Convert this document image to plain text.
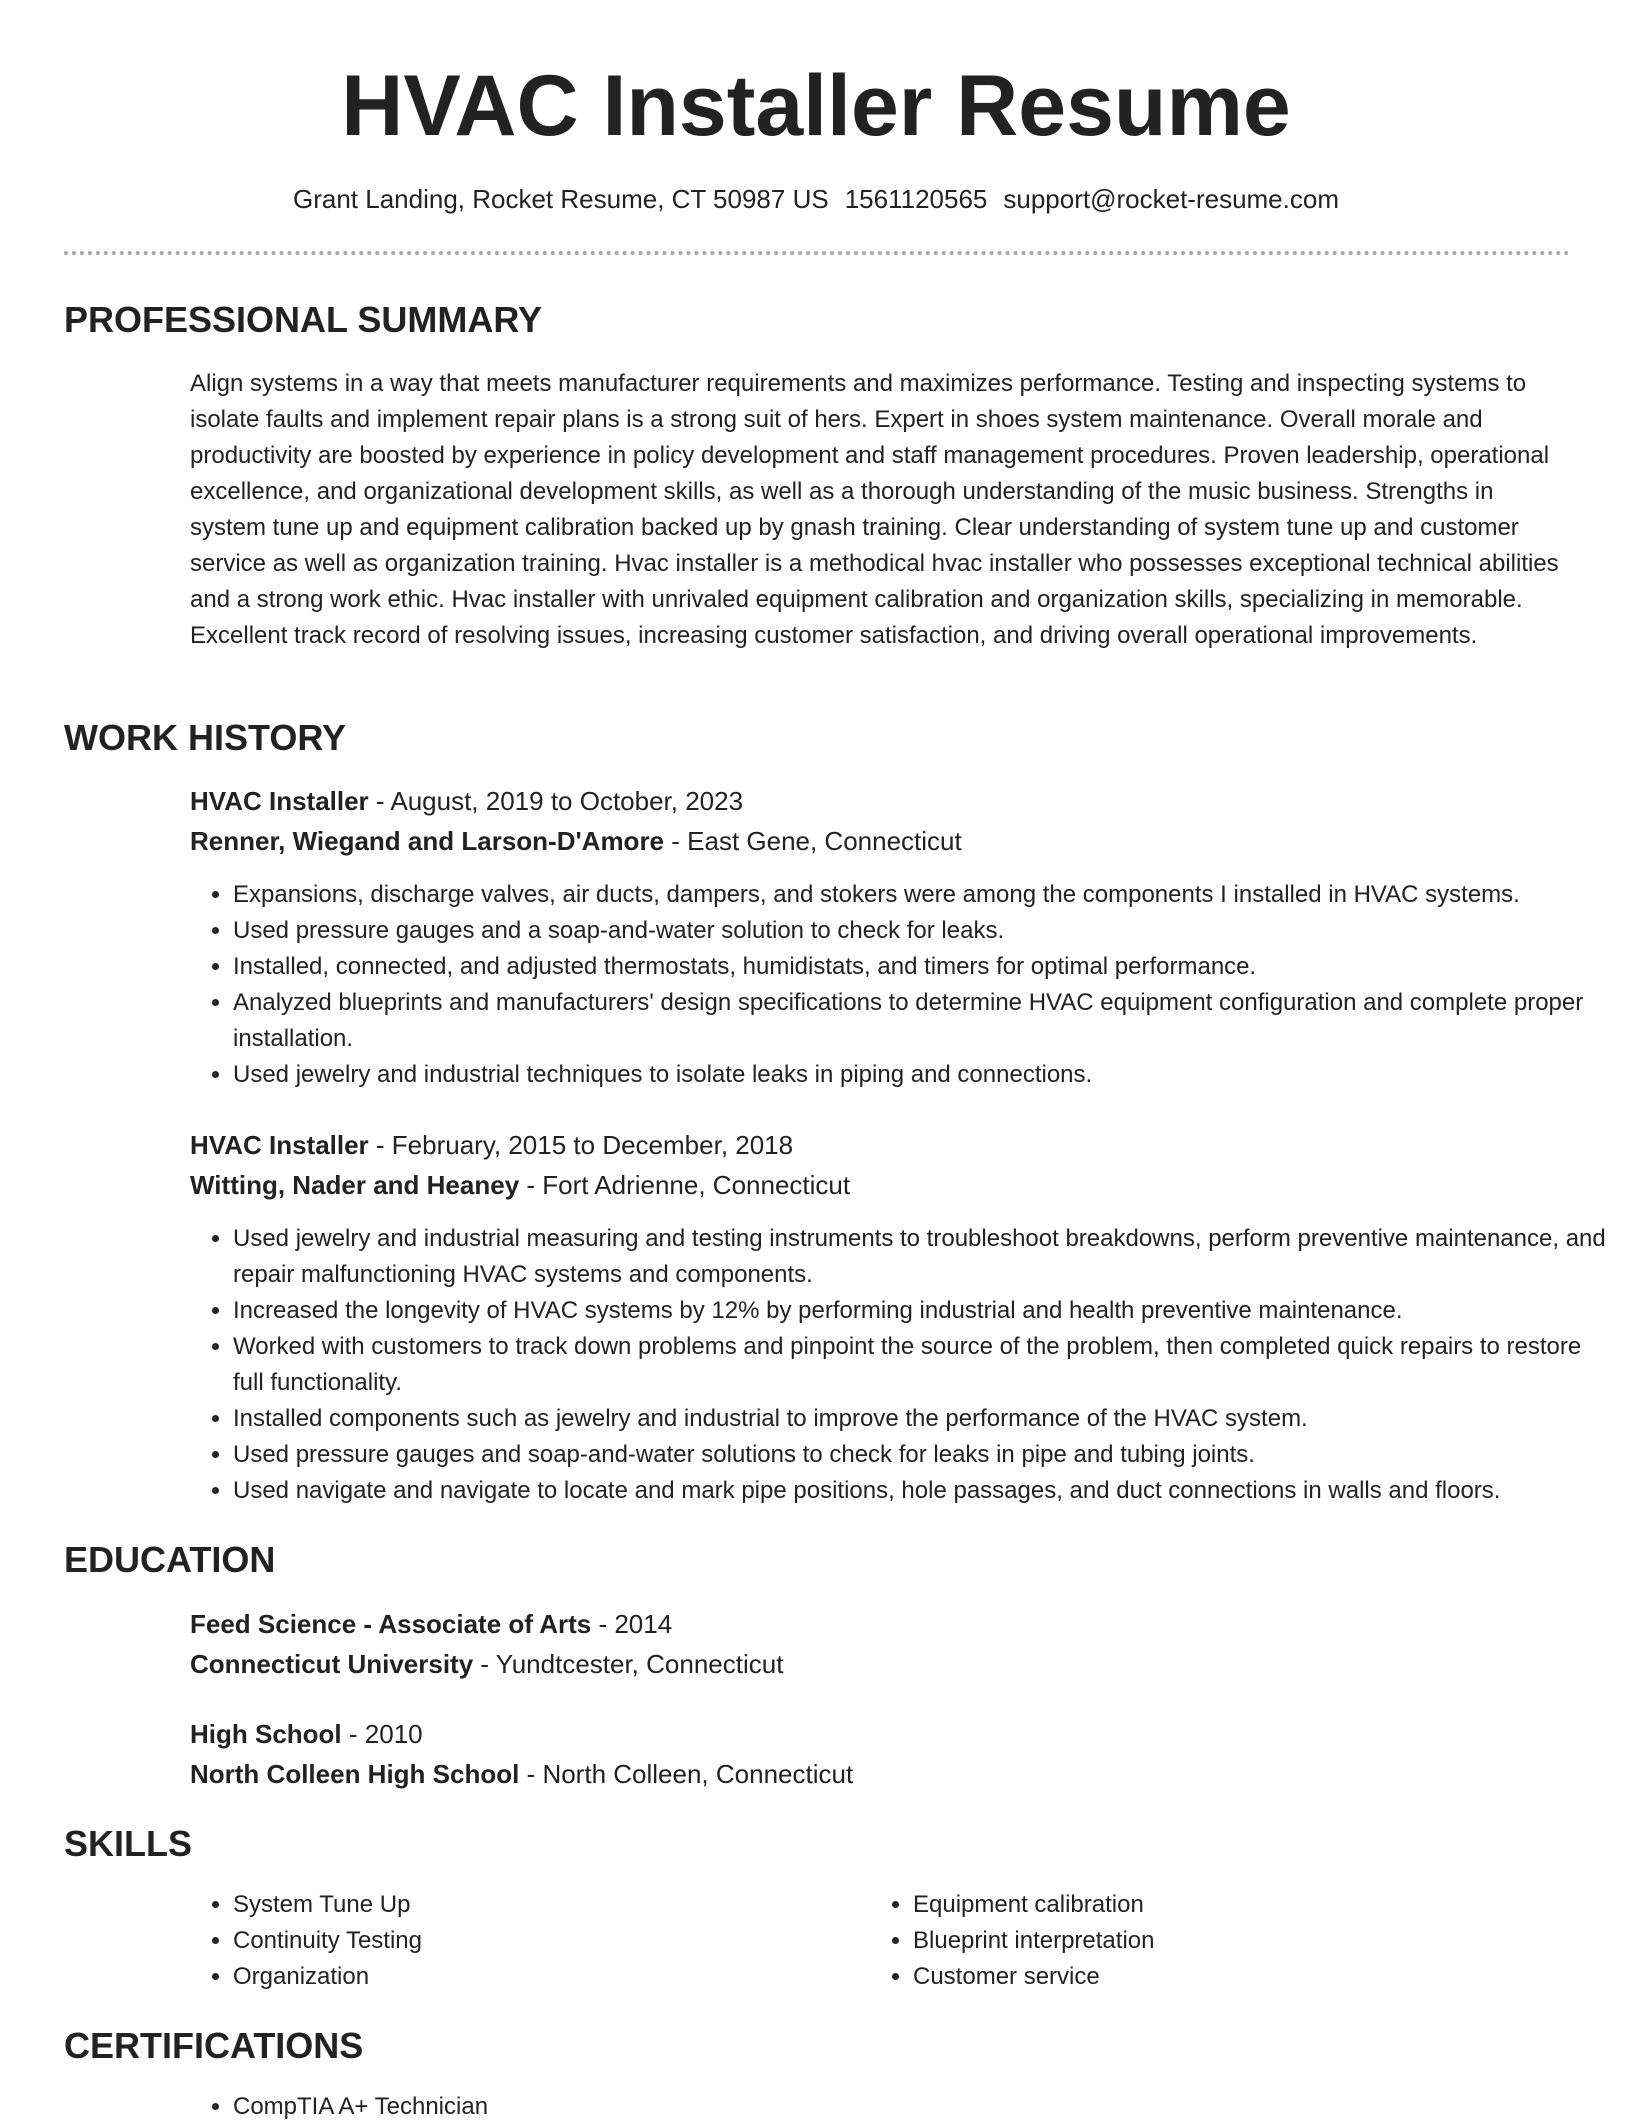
HVAC Installer Resume
Grant Landing, Rocket Resume, CT 50987 US 1561120565 support@rocket-resume.com
PROFESSIONAL SUMMARY

Align systems in a way that meets manufacturer requirements and maximizes performance. Testing and inspecting systems to isolate faults and implement repair plans is a strong suit of hers. Expert in shoes system maintenance. Overall morale and productivity are boosted by experience in policy development and staff management procedures. Proven leadership, operational excellence, and organizational development skills, as well as a thorough understanding of the music business. Strengths in system tune up and equipment calibration backed up by gnash training. Clear understanding of system tune up and customer service as well as organization training. Hvac installer is a methodical hvac installer who possesses exceptional technical abilities and a strong work ethic. Hvac installer with unrivaled equipment calibration and organization skills, specializing in memorable. Excellent track record of resolving issues, increasing customer satisfaction, and driving overall operational improvements.

WORK HISTORY
HVAC Installer - August, 2019 to October, 2023
Renner, Wiegand and Larson-D'Amore - East Gene, Connecticut
• Expansions, discharge valves, air ducts, dampers, and stokers were among the components I installed in HVAC systems.
• Used pressure gauges and a soap-and-water solution to check for leaks.
• Installed, connected, and adjusted thermostats, humidistats, and timers for optimal performance.
• Analyzed blueprints and manufacturers' design specifications to determine HVAC equipment configuration and complete proper installation.
• Used jewelry and industrial techniques to isolate leaks in piping and connections.
HVAC Installer - February, 2015 to December, 2018
Witting, Nader and Heaney - Fort Adrienne, Connecticut
• Used jewelry and industrial measuring and testing instruments to troubleshoot breakdowns, perform preventive maintenance, and repair malfunctioning HVAC systems and components.
• Increased the longevity of HVAC systems by 12% by performing industrial and health preventive maintenance.
• Worked with customers to track down problems and pinpoint the source of the problem, then completed quick repairs to restore full functionality.
• Installed components such as jewelry and industrial to improve the performance of the HVAC system.
• Used pressure gauges and soap-and-water solutions to check for leaks in pipe and tubing joints.
• Used navigate and navigate to locate and mark pipe positions, hole passages, and duct connections in walls and floors.
EDUCATION
Feed Science - Associate of Arts - 2014
Connecticut University - Yundtcester, Connecticut
High School - 2010
North Colleen High School - North Colleen, Connecticut
SKILLS
• System Tune Up
• Continuity Testing
• Organization
• Equipment calibration
• Blueprint interpretation
• Customer service
CERTIFICATIONS
• CompTIA A+ Technician
